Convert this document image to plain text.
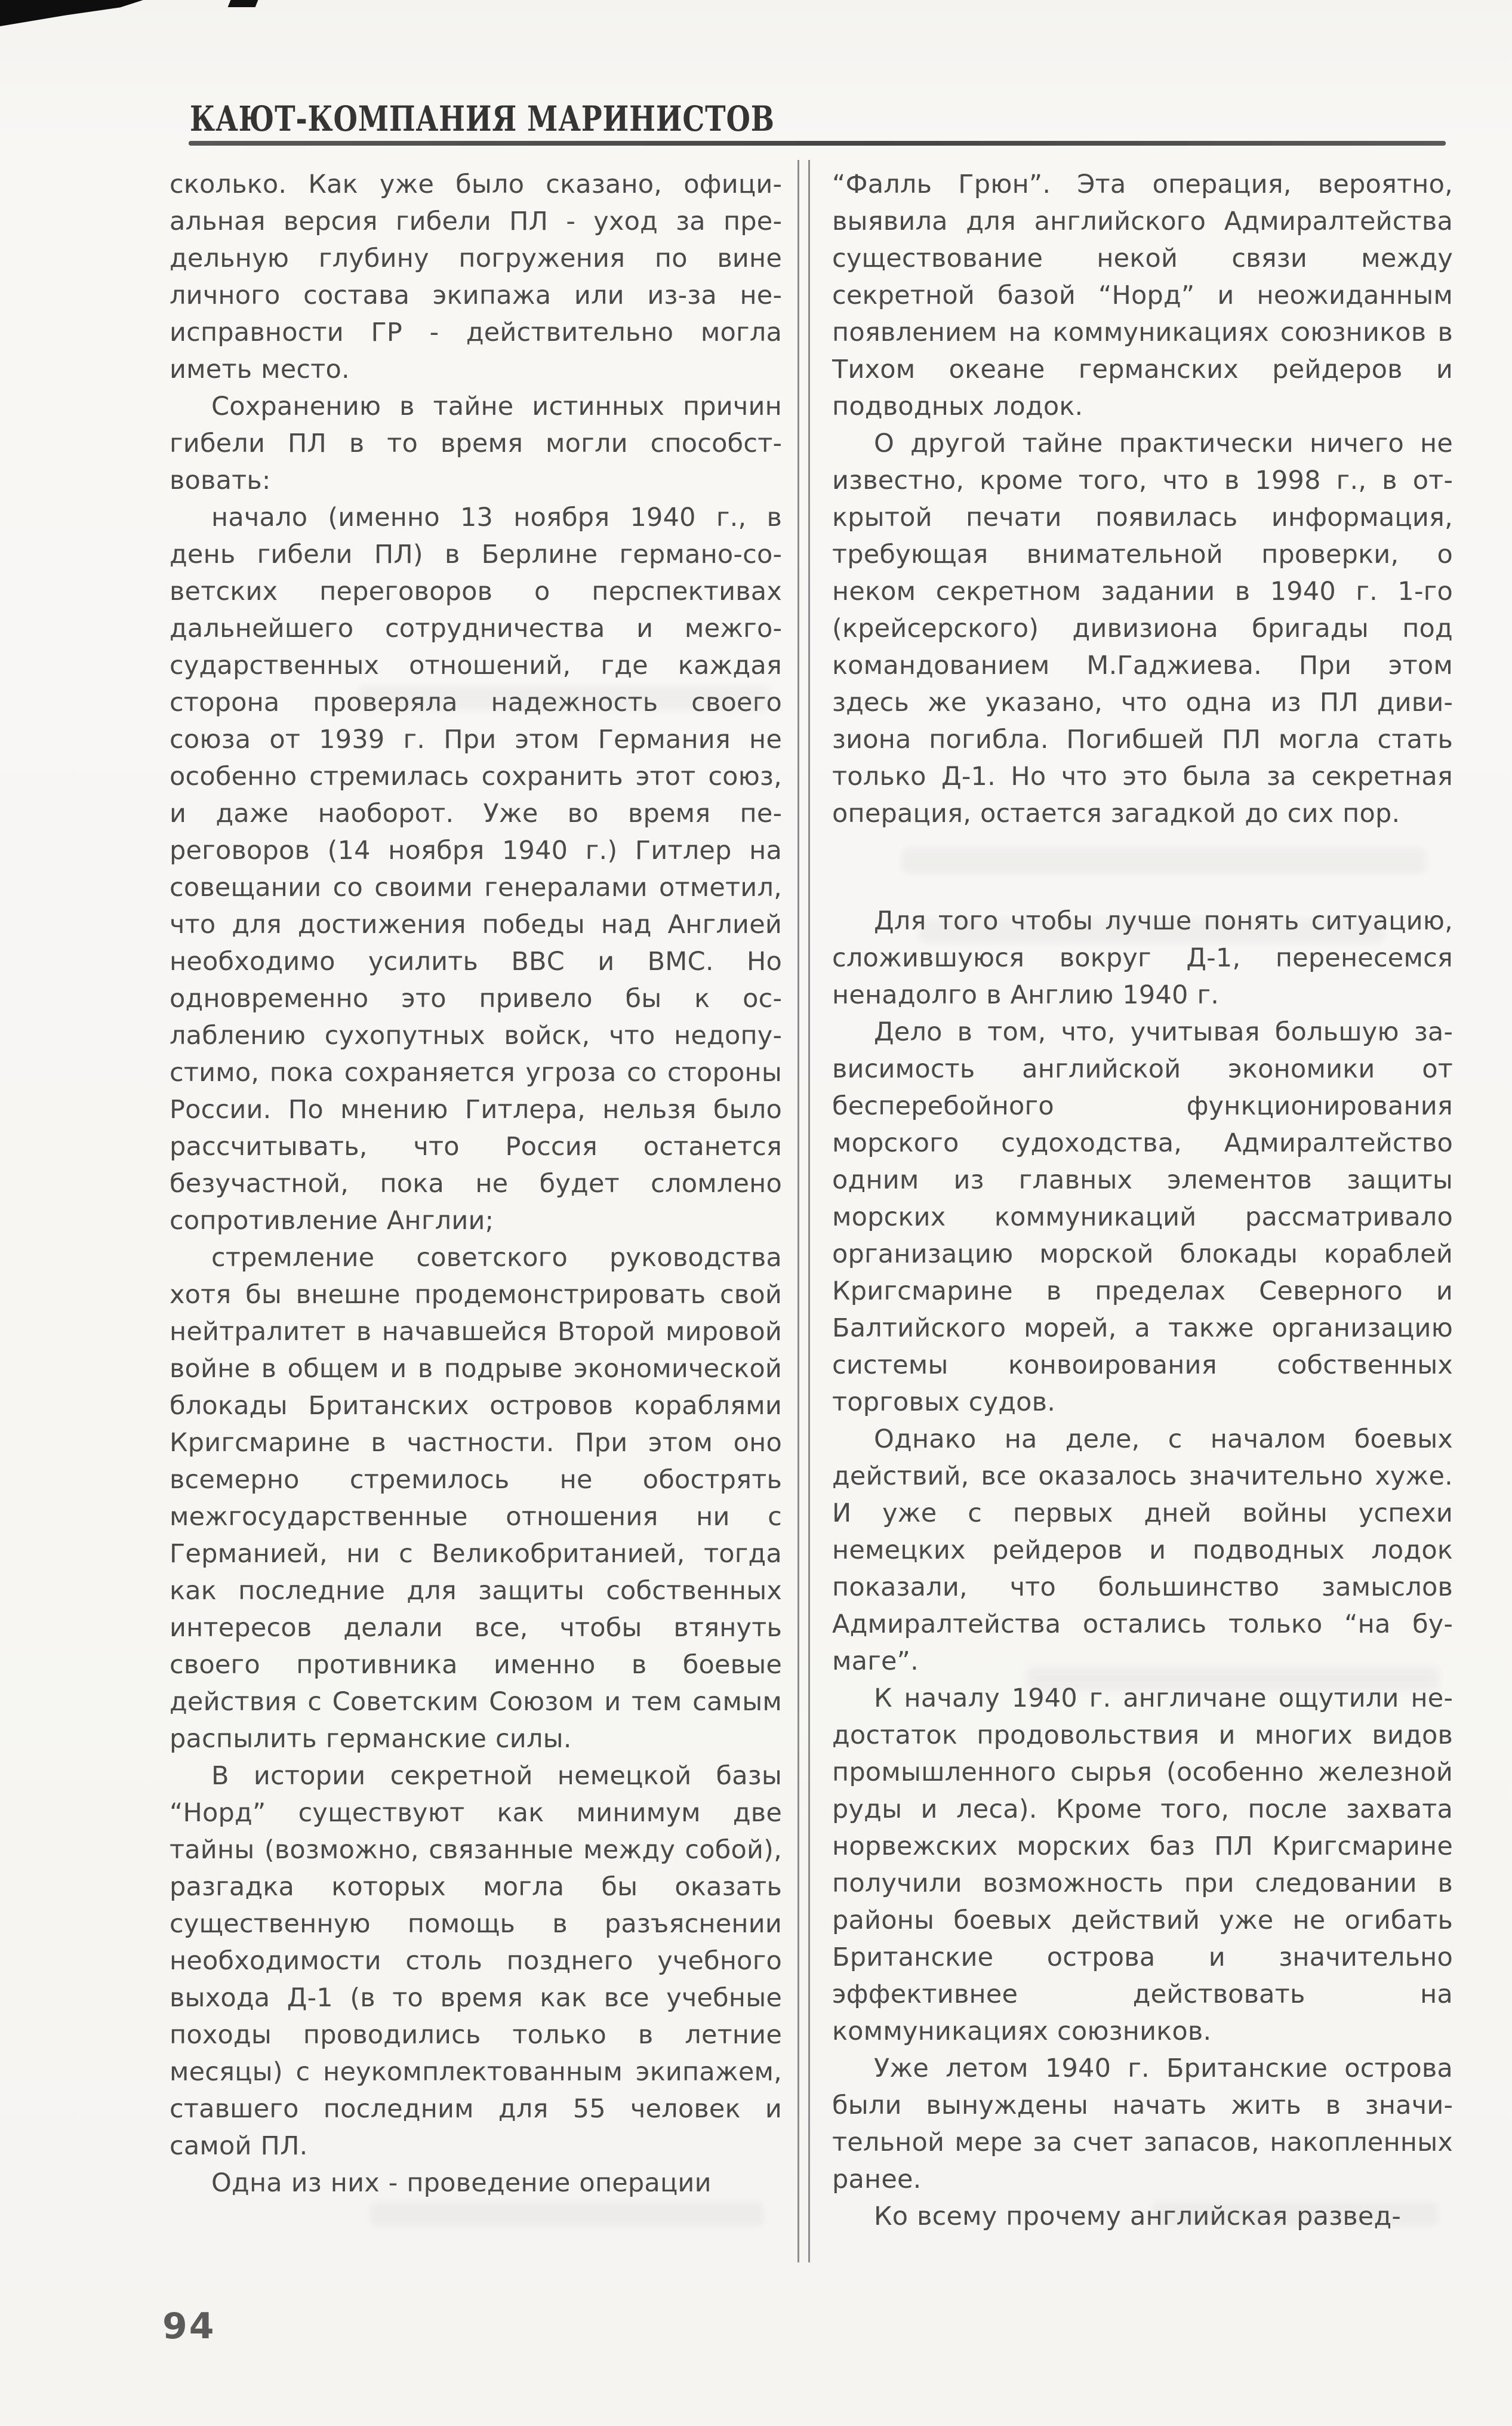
КАЮТ-КОМПАНИЯ МАРИНИСТОВ

сколько. Как уже было сказано, официальная версия гибели ПЛ - уход за предельную глубину погружения по вине личного состава экипажа или из-за неисправности ГР - действительно могла иметь место.

Сохранению в тайне истинных причин гибели ПЛ в то время могли способствовать:

начало (именно 13 ноября 1940 г., в день гибели ПЛ) в Берлине германо-советских переговоров о перспективах дальнейшего сотрудничества и межгосударственных отношений, где каждая сторона проверяла надежность своего союза от 1939 г. При этом Германия не особенно стремилась сохранить этот союз, и даже наоборот. Уже во время переговоров (14 ноября 1940 г.) Гитлер на совещании со своими генералами отметил, что для достижения победы над Англией необходимо усилить ВВС и ВМС. Но одновременно это привело бы к ослаблению сухопутных войск, что недопустимо, пока сохраняется угроза со стороны России. По мнению Гитлера, нельзя было рассчитывать, что Россия останется безучастной, пока не будет сломлено сопротивление Англии;

стремление советского руководства хотя бы внешне продемонстрировать свой нейтралитет в начавшейся Второй мировой войне в общем и в подрыве экономической блокады Британских островов кораблями Кригсмарине в частности. При этом оно всемерно стремилось не обострять межгосударственные отношения ни с Германией, ни с Великобританией, тогда как последние для защиты собственных интересов делали все, чтобы втянуть своего противника именно в боевые действия с Советским Союзом и тем самым распылить германские силы.

В истории секретной немецкой базы “Норд” существуют как минимум две тайны (возможно, связанные между собой), разгадка которых могла бы оказать существенную помощь в разъяснении необходимости столь позднего учебного выхода Д-1 (в то время как все учебные походы проводились только в летние месяцы) с неукомплектованным экипажем, ставшего последним для 55 человек и самой ПЛ.

Одна из них - проведение операции

“Фалль Грюн”. Эта операция, вероятно, выявила для английского Адмиралтейства существование некой связи между секретной базой “Норд” и неожиданным появлением на коммуникациях союзников в Тихом океане германских рейдеров и подводных лодок.

О другой тайне практически ничего не известно, кроме того, что в 1998 г., в открытой печати появилась информация, требующая внимательной проверки, о неком секретном задании в 1940 г. 1-го (крейсерского) дивизиона бригады под командованием М.Гаджиева. При этом здесь же указано, что одна из ПЛ дивизиона погибла. Погибшей ПЛ могла стать только Д-1. Но что это была за секретная операция, остается загадкой до сих пор.

Для того чтобы лучше понять ситуацию, сложившуюся вокруг Д-1, перенесемся ненадолго в Англию 1940 г.

Дело в том, что, учитывая большую зависимость английской экономики от бесперебойного функционирования морского судоходства, Адмиралтейство одним из главных элементов защиты морских коммуникаций рассматривало организацию морской блокады кораблей Кригсмарине в пределах Северного и Балтийского морей, а также организацию системы конвоирования собственных торговых судов.

Однако на деле, с началом боевых действий, все оказалось значительно хуже. И уже с первых дней войны успехи немецких рейдеров и подводных лодок показали, что большинство замыслов Адмиралтейства остались только “на бумаге”.

К началу 1940 г. англичане ощутили недостаток продовольствия и многих видов промышленного сырья (особенно железной руды и леса). Кроме того, после захвата норвежских морских баз ПЛ Кригсмарине получили возможность при следовании в районы боевых действий уже не огибать Британские острова и значительно эффективнее действовать на коммуникациях союзников.

Уже летом 1940 г. Британские острова были вынуждены начать жить в значительной мере за счет запасов, накопленных ранее.

Ко всему прочему английская развед-

94
